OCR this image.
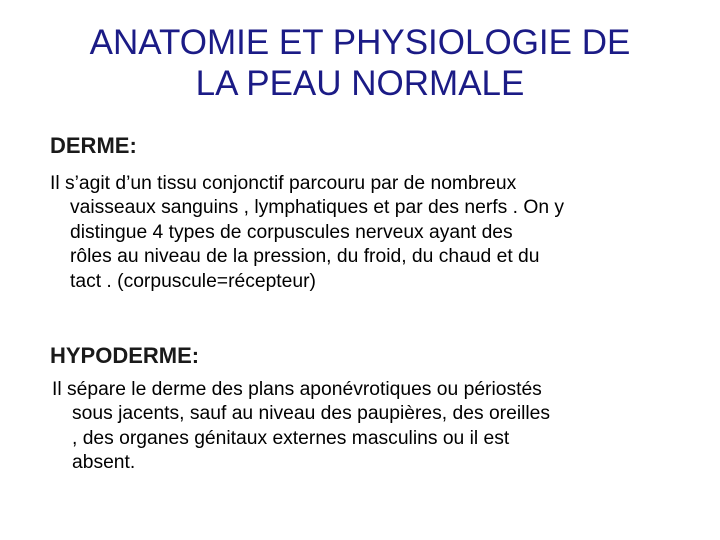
ANATOMIE ET PHYSIOLOGIE DE
LA PEAU NORMALE
DERME:

Il s’agit d’un tissu conjonctif parcouru par de nombreux
vaisseaux sanguins , lymphatiques et par des nerfs . On y
distingue 4 types de corpuscules nerveux ayant des
rôles au niveau de la pression, du froid, du chaud et du
tact . (corpuscule=récepteur)

HYPODERME:

Il sépare le derme des plans aponévrotiques ou périostés
sous jacents, sauf au niveau des paupières, des oreilles
, des organes génitaux externes masculins ou il est
absent.
